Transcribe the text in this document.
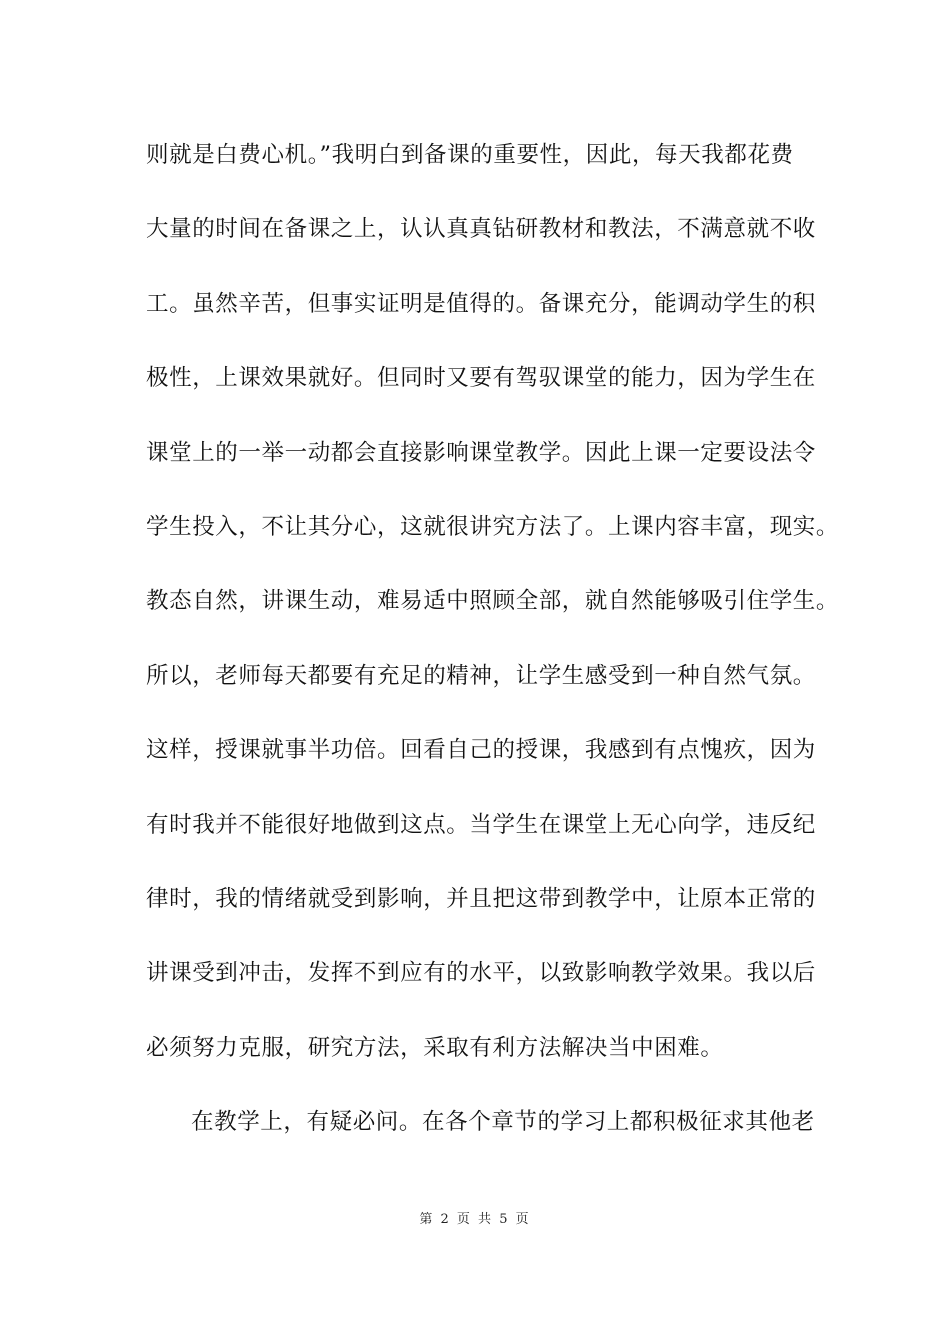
则就是白费心机。”我明白到备课的重要性，因此，每天我都花费
大量的时间在备课之上，认认真真钻研教材和教法，不满意就不收
工。虽然辛苦，但事实证明是值得的。备课充分，能调动学生的积
极性，上课效果就好。但同时又要有驾驭课堂的能力，因为学生在
课堂上的一举一动都会直接影响课堂教学。因此上课一定要设法令
学生投入，不让其分心，这就很讲究方法了。上课内容丰富，现实。
教态自然，讲课生动，难易适中照顾全部，就自然能够吸引住学生。
所以，老师每天都要有充足的精神，让学生感受到一种自然气氛。
这样，授课就事半功倍。回看自己的授课，我感到有点愧疚，因为
有时我并不能很好地做到这点。当学生在课堂上无心向学，违反纪
律时，我的情绪就受到影响，并且把这带到教学中，让原本正常的
讲课受到冲击，发挥不到应有的水平，以致影响教学效果。我以后
必须努力克服，研究方法，采取有利方法解决当中困难。
在教学上，有疑必问。在各个章节的学习上都积极征求其他老
第 2 页 共 5 页
